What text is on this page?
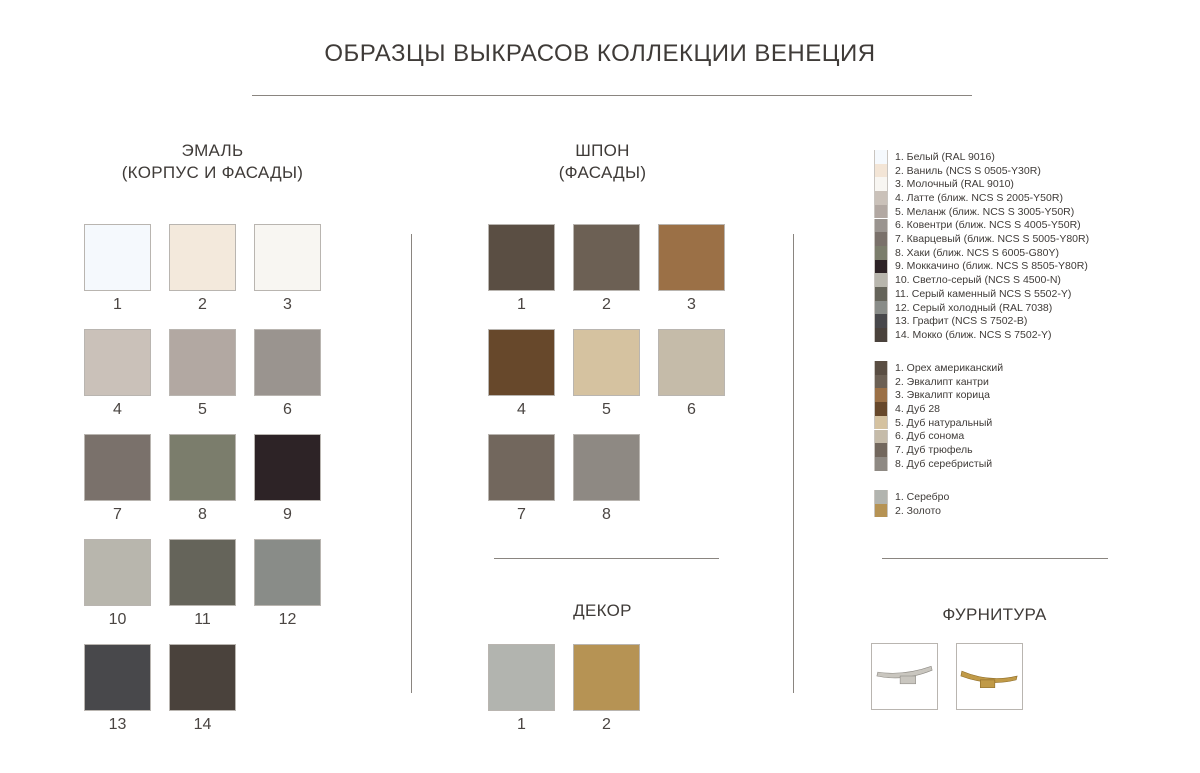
ОБРАЗЦЫ ВЫКРАСОВ КОЛЛЕКЦИИ ВЕНЕЦИЯ
ЭМАЛЬ
(КОРПУС И ФАСАДЫ)
ШПОН
(ФАСАДЫ)
ДЕКОР	ФУРНИТУРА
1	2	3
4	5	6
7	8	9
10	11	12
13	14
1	2	3
4	5	6
7	8
1	2
1. Белый (RAL 9016)
2. Ваниль (NCS S 0505-Y30R)
3. Молочный (RAL 9010)
4. Латте (ближ. NCS S 2005-Y50R)
5. Меланж (ближ. NCS S 3005-Y50R)
6. Ковентри (ближ. NCS S 4005-Y50R)
7. Кварцевый (ближ. NCS S 5005-Y80R)
8. Хаки (ближ. NCS S 6005-G80Y)
9. Моккачино (ближ. NCS S 8505-Y80R)
10. Светло-серый (NCS S 4500-N)
11. Серый каменный NCS S 5502-Y)
12. Серый холодный (RAL 7038)
13. Графит (NCS S 7502-B)
14. Мокко (ближ. NCS S 7502-Y)
1. Орех американский
2. Эвкалипт кантри
3. Эвкалипт корица
4. Дуб 28
5. Дуб натуральный
6. Дуб сонома
7. Дуб трюфель
8. Дуб серебристый
1. Серебро
2. Золото
